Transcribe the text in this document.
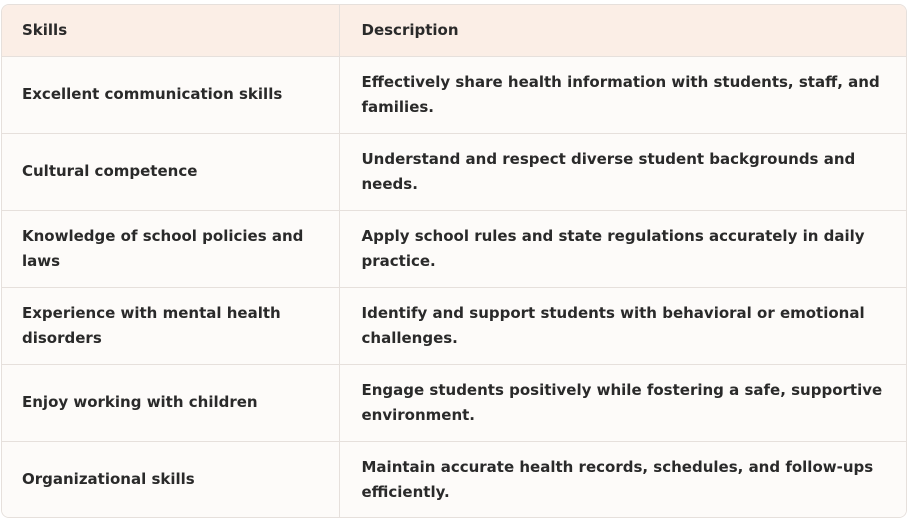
Skills	Description
Excellent communication skills	Effectively share health information with students, staff, and families.
Cultural competence	Understand and respect diverse student backgrounds and needs.
Knowledge of school policies and laws	Apply school rules and state regulations accurately in daily practice.
Experience with mental health disorders	Identify and support students with behavioral or emotional challenges.
Enjoy working with children	Engage students positively while fostering a safe, supportive environment.
Organizational skills	Maintain accurate health records, schedules, and follow-ups efficiently.
